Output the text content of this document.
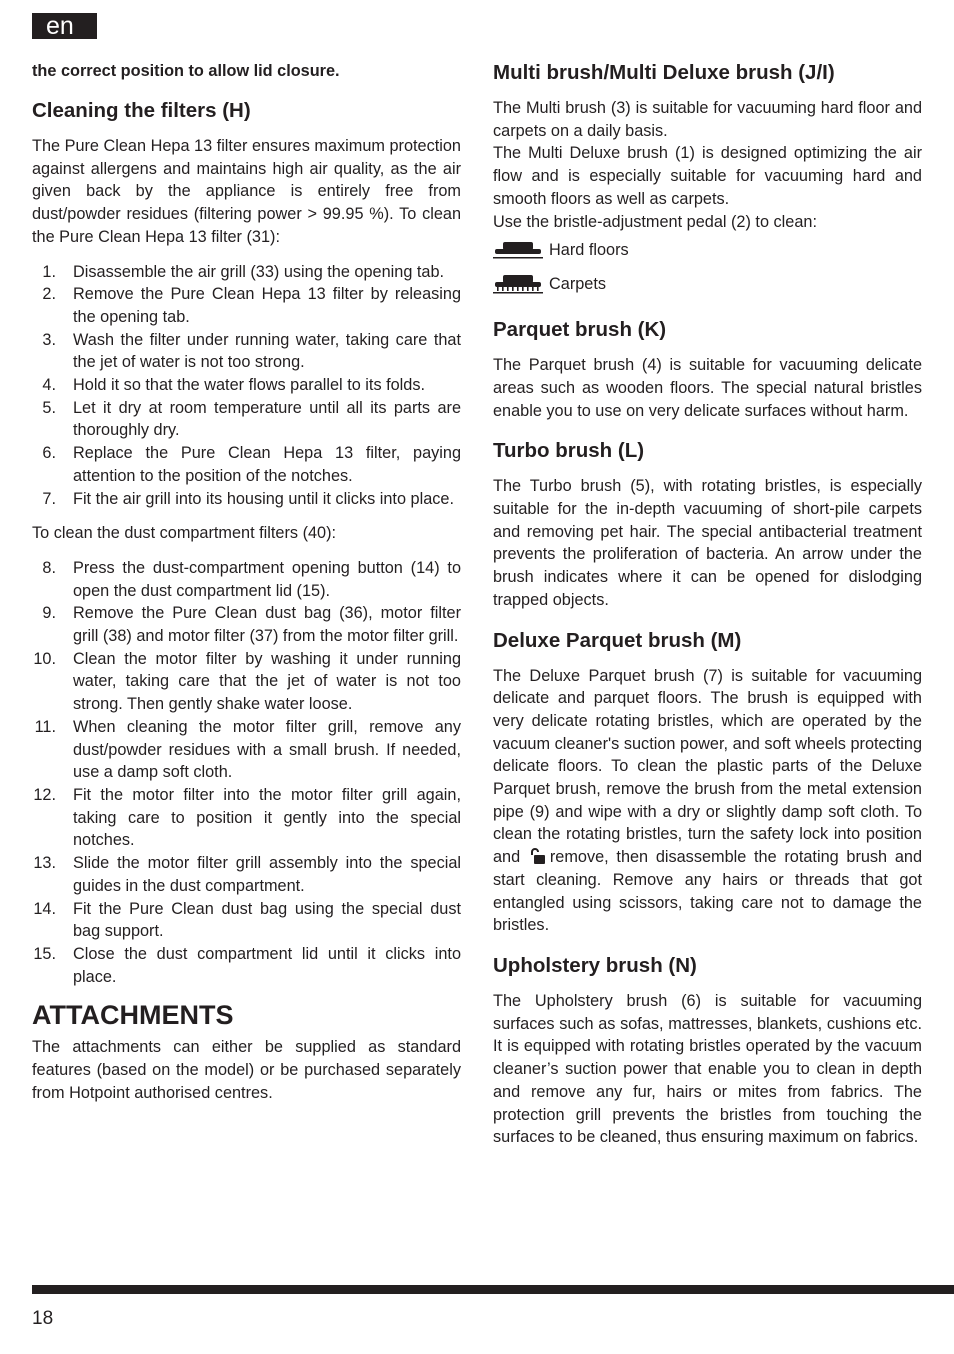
en
the correct position to allow lid closure.
Cleaning the filters (H)

The Pure Clean Hepa 13 filter ensures maximum protection against allergens and maintains high air quality, as the air given back by the appliance is entirely free from dust/powder residues (filtering power > 99.95 %). To clean the Pure Clean Hepa 13 filter (31):

1. Disassemble the air grill (33) using the opening tab.
2. Remove the Pure Clean Hepa 13 filter by releasing the opening tab.
3. Wash the filter under running water, taking care that the jet of water is not too strong.
4. Hold it so that the water flows parallel to its folds.
5. Let it dry at room temperature until all its parts are thoroughly dry.
6. Replace the Pure Clean Hepa 13 filter, paying attention to the position of the notches.
7. Fit the air grill into its housing until it clicks into place.

To clean the dust compartment filters (40):

8. Press the dust-compartment opening button (14) to open the dust compartment lid (15).
9. Remove the Pure Clean dust bag (36), motor filter grill (38) and motor filter (37) from the motor filter grill.
10. Clean the motor filter by washing it under running water, taking care that the jet of water is not too strong. Then gently shake water loose.
11. When cleaning the motor filter grill, remove any dust/powder residues with a small brush. If needed, use a damp soft cloth.
12. Fit the motor filter into the motor filter grill again, taking care to position it gently into the special notches.
13. Slide the motor filter grill assembly into the special guides in the dust compartment.
14. Fit the Pure Clean dust bag using the special dust bag support.
15. Close the dust compartment lid until it clicks into place.
ATTACHMENTS

The attachments can either be supplied as standard features (based on the model) or be purchased separately from Hotpoint authorised centres.

Multi brush/Multi Deluxe brush (J/I)

The Multi brush (3) is suitable for vacuuming hard floor and carpets on a daily basis.

The Multi Deluxe brush (1) is designed optimizing the air flow and is especially suitable for vacuuming hard and smooth floors as well as carpets.

Use the bristle-adjustment pedal (2) to clean:

Hard floors
Carpets
Parquet brush (K)

The Parquet brush (4) is suitable for vacuuming delicate areas such as wooden floors. The special natural bristles enable you to use on very delicate surfaces without harm.

Turbo brush (L)

The Turbo brush (5), with rotating bristles, is especially suitable for the in-depth vacuuming of short-pile carpets and removing pet hair. The special antibacterial treatment prevents the proliferation of bacteria. An arrow under the brush indicates where it can be opened for dislodging trapped objects.

Deluxe Parquet brush (M)

The Deluxe Parquet brush (7) is suitable for vacuuming delicate and parquet floors. The brush is equipped with very delicate rotating bristles, which are operated by the vacuum cleaner's suction power, and soft wheels protecting delicate floors. To clean the plastic parts of the Deluxe Parquet brush, remove the brush from the metal extension pipe (9) and wipe with a dry or slightly damp soft cloth. To clean the rotating bristles, turn the safety lock into position and remove, then disassemble the rotating brush and start cleaning. Remove any hairs or threads that got entangled using scissors, taking care not to damage the bristles.

Upholstery brush (N)

The Upholstery brush (6) is suitable for vacuuming surfaces such as sofas, mattresses, blankets, cushions etc. It is equipped with rotating bristles operated by the vacuum cleaner’s suction power that enable you to clean in depth and remove any fur, hairs or mites from fabrics. The protection grill prevents the bristles from touching the surfaces to be cleaned, thus ensuring maximum on fabrics.

18
